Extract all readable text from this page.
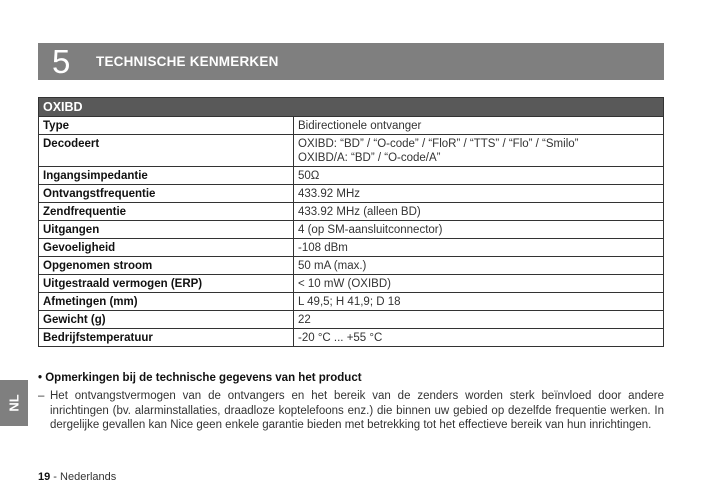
5 TECHNISCHE KENMERKEN
OXIBD	
Type	Bidirectionele ontvanger

Decodeert	OXIBD: “BD” / “O-code” / “FloR” / “TTS” / “Flo” / “Smilo”
OXIBD/A: “BD” / “O-code/A”

Ingangsimpedantie	50Ω

Ontvangstfrequentie	433.92 MHz

Zendfrequentie	433.92 MHz (alleen BD)

Uitgangen	4 (op SM-aansluitconnector)

Gevoeligheid	-108 dBm

Opgenomen stroom	50 mA (max.)

Uitgestraald vermogen (ERP)	< 10 mW (OXIBD)

Afmetingen (mm)	L 49,5; H 41,9; D 18

Gewicht (g)	22

Bedrijfstemperatuur	-20 °C ... +55 °C
• Opmerkingen bij de technische gegevens van het product
– Het ontvangstvermogen van de ontvangers en het bereik van de zenders worden sterk beïnvloed door andere inrichtingen (bv. alarminstallaties, draadloze koptelefoons enz.) die binnen uw gebied op dezelfde frequentie werken. In dergelijke gevallen kan Nice geen enkele garantie bieden met betrekking tot het effectieve bereik van hun inrichtingen.
NL
19 - Nederlands
